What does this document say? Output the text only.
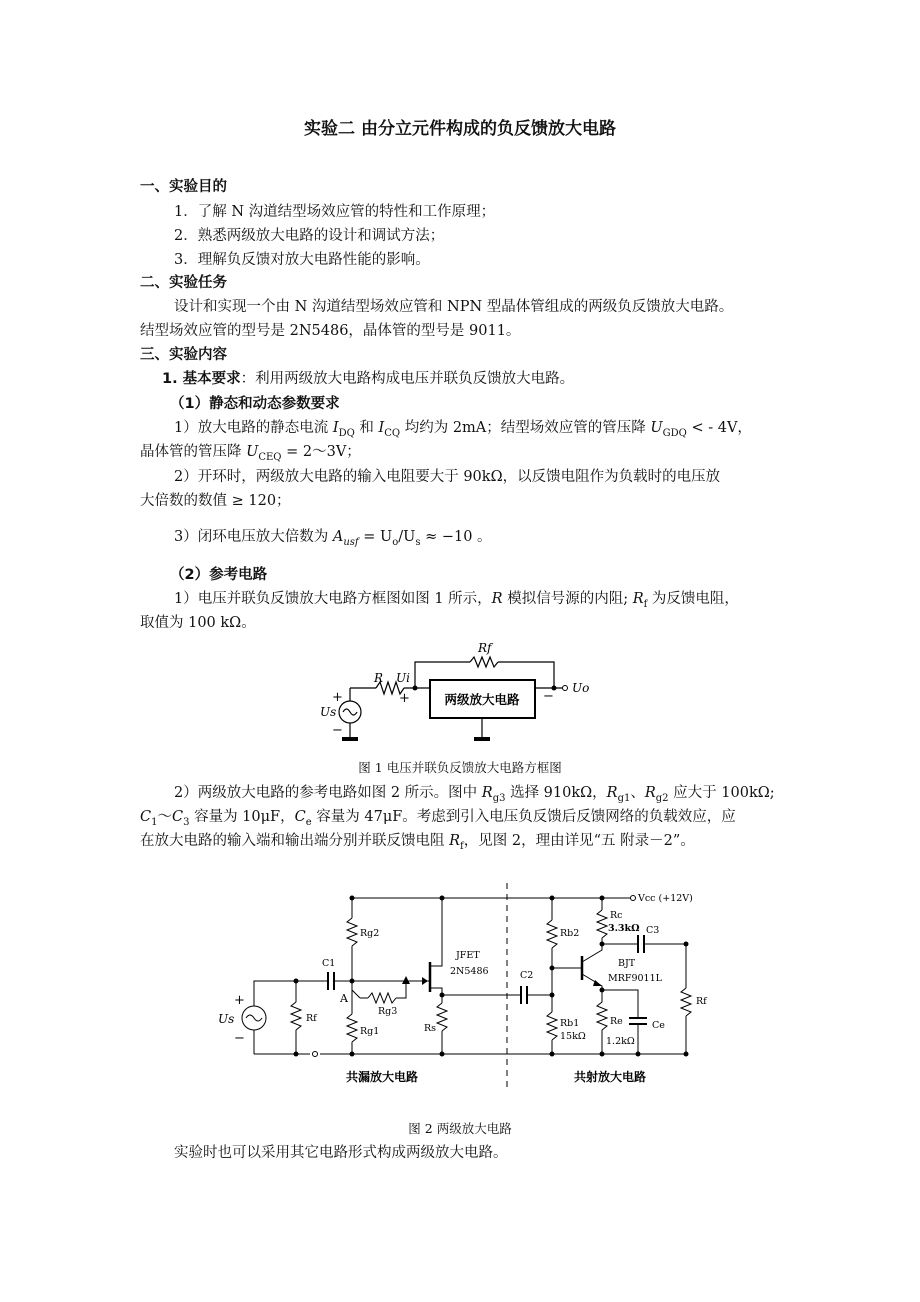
实验二 由分立元件构成的负反馈放大电路
一、实验目的
1．了解 N 沟道结型场效应管的特性和工作原理；
2．熟悉两级放大电路的设计和调试方法；
3．理解负反馈对放大电路性能的影响。
二、实验任务
设计和实现一个由 N 沟道结型场效应管和 NPN 型晶体管组成的两级负反馈放大电路。
结型场效应管的型号是 2N5486，晶体管的型号是 9011。
三、实验内容
1. 基本要求：利用两级放大电路构成电压并联负反馈放大电路。
（1）静态和动态参数要求
1）放大电路的静态电流 $I_{DQ}$ 和 $I_{CQ}$ 均约为 2mA；结型场效应管的管压降 $U_{GDQ}$ < - 4V，
晶体管的管压降 $U_{CEQ}$ = 2～3V；
2）开环时，两级放大电路的输入电阻要大于 90kΩ，以反馈电阻作为负载时的电压放
大倍数的数值 ≥ 120；
3）闭环电压放大倍数为 $A_{usf} = U_o/U_s \approx -10$ 。
（2）参考电路
1）电压并联负反馈放大电路方框图如图 1 所示，R 模拟信号源的内阻; $R_f$ 为反馈电阻，
取值为 100 kΩ。
两级放大电路
R
Rf
Ui
Us
Uo
+
−
+	−
图 1 电压并联负反馈放大电路方框图
2）两级放大电路的参考电路如图 2 所示。图中 $R_{g3}$ 选择 910kΩ，$R_{g1}$、$R_{g2}$ 应大于 100kΩ;
$C_1\sim C_3$ 容量为 10μF，$C_e$ 容量为 47μF。考虑到引入电压负反馈后反馈网络的负载效应，应
在放大电路的输入端和输出端分别并联反馈电阻 $R_f$，见图 2，理由详见“五 附录－2”。
Vcc (+12V)
Rc
3.3kΩ C3
BJT
MRF9011L
Rb2
Rb1
15kΩ
Re
1.2kΩ
Ce
Rf
Rg2
JFET
2N5486
C1
C2
A
Rg3
Rg1	Rs
Rf
Us
+
−
共漏放大电路	共射放大电路
图 2 两级放大电路
实验时也可以采用其它电路形式构成两级放大电路。
